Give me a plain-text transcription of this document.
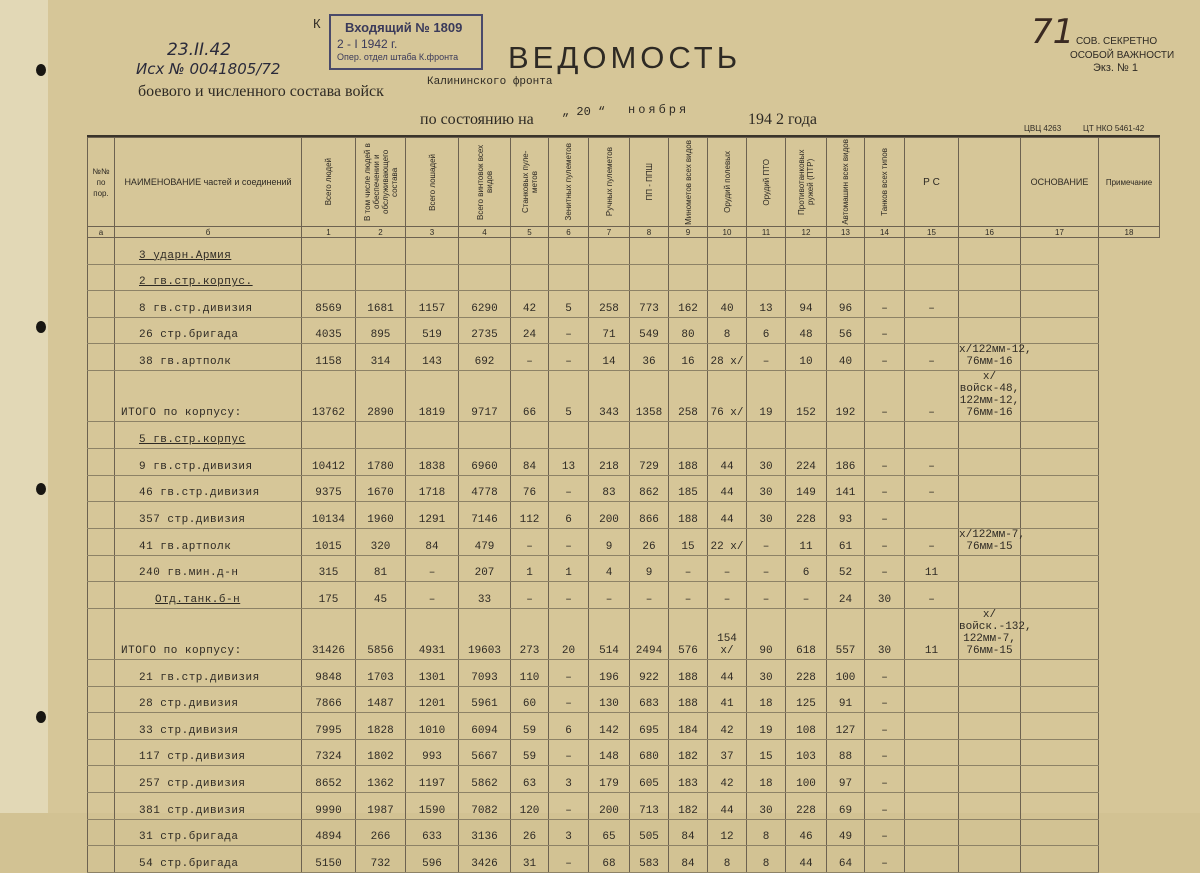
23.II.42
Исх № 0041805/72
К Входящий № 1809
2 - I 1942 г.
Опер. отдел штаба К.фронта ВЕДОМОСТЬ
боевого и численного состава войск
Калининского фронта
по состоянию на „ 20 “ ноября
194 2 года
71 СОВ. СЕКРЕТНО
ОСОБОЙ ВАЖНОСТИ
Экз. № 1
ЦВЦ 4263	ЦТ НКО 5461-42
№№ по пор.	НАИМЕНОВАНИЕ частей и соединений	Всего людей	В том числе людей в обеспечении и обслуживающего состава	Всего лошадей	Всего винтовок всех видов	Станковых пуле- метов	Зенитных пулеметов	Ручных пулеметов	ПП - ППШ	Минометов всех видов	Орудий полевых	Орудий ПТО	Противотанковых ружей (ПТР)	Автомашин всех видов	Танков всех типов	Р С		ОСНОВАНИЕ	Примечание

а	б	1	2	3	4	5	6	7	8	9	10	11	12	13	14	15	16	17	18
	3 ударн.Армия																		
	2 гв.стр.корпус.																		
	8 гв.стр.дивизия	8569	1681	1157	6290	42	5	258	773	162	40	13	94	96	–	–			
	26 стр.бригада	4035	895	519	2735	24	–	71	549	80	8	6	48	56	–				
	38 гв.артполк	1158	314	143	692	–	–	14	36	16	28 x/	–	10	40	–	–	x/122мм-12, 76мм-16		
	ИТОГО по корпусу:	13762	2890	1819	9717	66	5	343	1358	258	76 x/	19	152	192	–	–	x/войск-48, 122мм-12, 76мм-16		
	5 гв.стр.корпус																		
	9 гв.стр.дивизия	10412	1780	1838	6960	84	13	218	729	188	44	30	224	186	–	–			
	46 гв.стр.дивизия	9375	1670	1718	4778	76	–	83	862	185	44	30	149	141	–	–			
	357 стр.дивизия	10134	1960	1291	7146	112	6	200	866	188	44	30	228	93	–				
	41 гв.артполк	1015	320	84	479	–	–	9	26	15	22 x/	–	11	61	–	–	x/122мм-7, 76мм-15		
	240 гв.мин.д-н	315	81	–	207	1	1	4	9	–	–	–	6	52	–	11			
	Отд.танк.б-н	175	45	–	33	–	–	–	–	–	–	–	–	24	30	–			
	ИТОГО по корпусу:	31426	5856	4931	19603	273	20	514	2494	576	154 x/	90	618	557	30	11	x/войск.-132, 122мм-7, 76мм-15		
	21 гв.стр.дивизия	9848	1703	1301	7093	110	–	196	922	188	44	30	228	100	–				
	28 стр.дивизия	7866	1487	1201	5961	60	–	130	683	188	41	18	125	91	–				
	33 стр.дивизия	7995	1828	1010	6094	59	6	142	695	184	42	19	108	127	–				
	117 стр.дивизия	7324	1802	993	5667	59	–	148	680	182	37	15	103	88	–				
	257 стр.дивизия	8652	1362	1197	5862	63	3	179	605	183	42	18	100	97	–				
	381 стр.дивизия	9990	1987	1590	7082	120	–	200	713	182	44	30	228	69	–				
	31 стр.бригада	4894	266	633	3136	26	3	65	505	84	12	8	46	49	–				
	54 стр.бригада	5150	732	596	3426	31	–	68	583	84	8	8	44	64	–				
